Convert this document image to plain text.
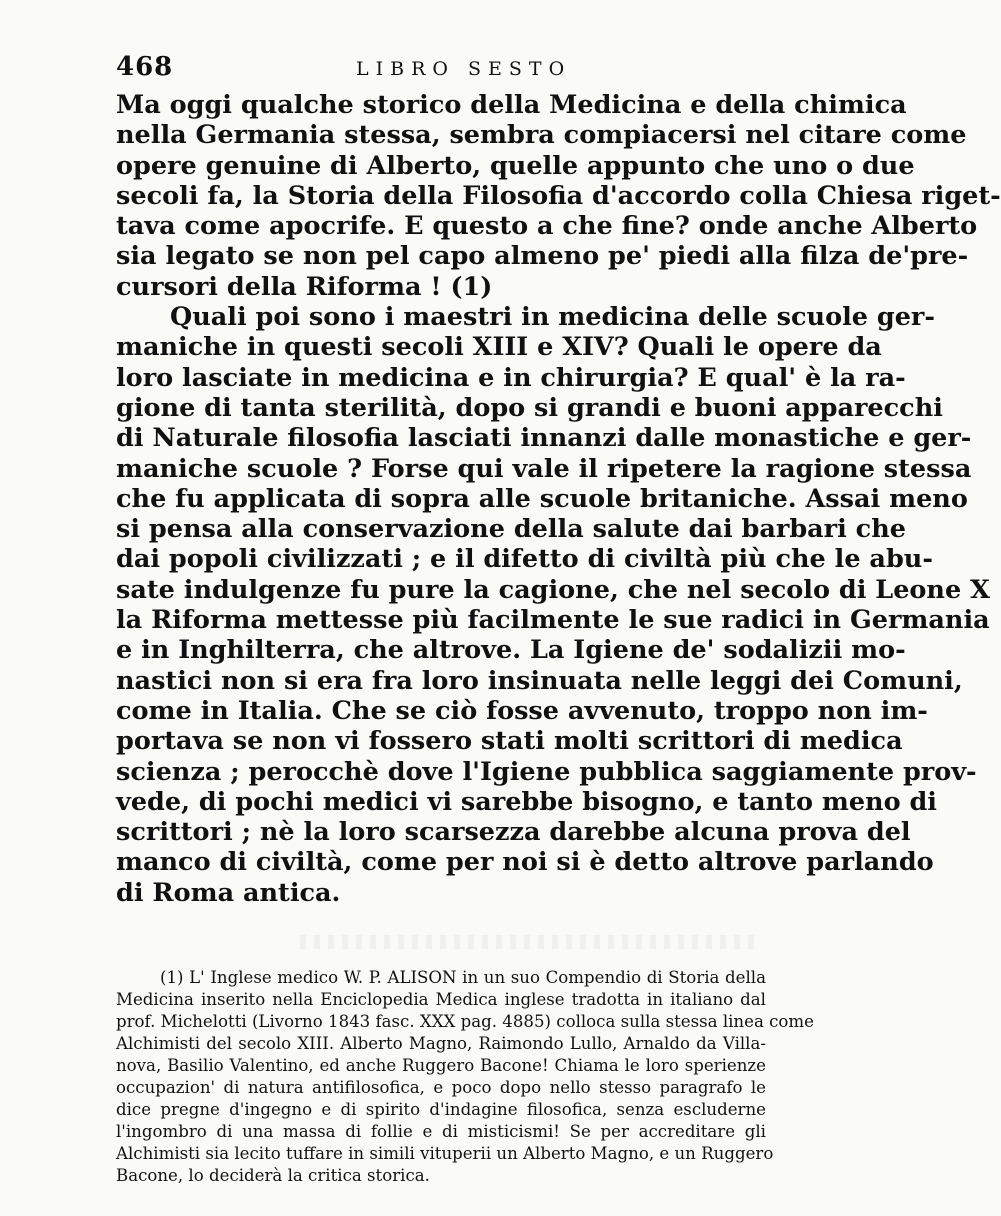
468	LIBRO SESTO
Ma oggi qualche storico della Medicina e della chimica
nella Germania stessa, sembra compiacersi nel citare come
opere genuine di Alberto, quelle appunto che uno o due
secoli fa, la Storia della Filosofia d'accordo colla Chiesa riget-
tava come apocrife. E questo a che fine? onde anche Alberto
sia legato se non pel capo almeno pe' piedi alla filza de'pre-
cursori della Riforma ! (1)
Quali poi sono i maestri in medicina delle scuole ger-
maniche in questi secoli XIII e XIV? Quali le opere da
loro lasciate in medicina e in chirurgia? E qual' è la ra-
gione di tanta sterilità, dopo si grandi e buoni apparecchi
di Naturale filosofia lasciati innanzi dalle monastiche e ger-
maniche scuole ? Forse qui vale il ripetere la ragione stessa
che fu applicata di sopra alle scuole britaniche. Assai meno
si pensa alla conservazione della salute dai barbari che
dai popoli civilizzati ; e il difetto di civiltà più che le abu-
sate indulgenze fu pure la cagione, che nel secolo di Leone X
la Riforma mettesse più facilmente le sue radici in Germania
e in Inghilterra, che altrove. La Igiene de' sodalizii mo-
nastici non si era fra loro insinuata nelle leggi dei Comuni,
come in Italia. Che se ciò fosse avvenuto, troppo non im-
portava se non vi fossero stati molti scrittori di medica
scienza ; perocchè dove l'Igiene pubblica saggiamente prov-
vede, di pochi medici vi sarebbe bisogno, e tanto meno di
scrittori ; nè la loro scarsezza darebbe alcuna prova del
manco di civiltà, come per noi si è detto altrove parlando
di Roma antica.
(1) L' Inglese medico W. P. ALISON in un suo Compendio di Storia della
Medicina inserito nella Enciclopedia Medica inglese tradotta in italiano dal
prof. Michelotti (Livorno 1843 fasc. XXX pag. 4885) colloca sulla stessa linea come
Alchimisti del secolo XIII. Alberto Magno, Raimondo Lullo, Arnaldo da Villa-
nova, Basilio Valentino, ed anche Ruggero Bacone! Chiama le loro sperienze
occupazion' di natura antifilosofica, e poco dopo nello stesso paragrafo le
dice pregne d'ingegno e di spirito d'indagine filosofica, senza escluderne
l'ingombro di una massa di follie e di misticismi! Se per accreditare gli
Alchimisti sia lecito tuffare in simili vituperii un Alberto Magno, e un Ruggero
Bacone, lo deciderà la critica storica.
